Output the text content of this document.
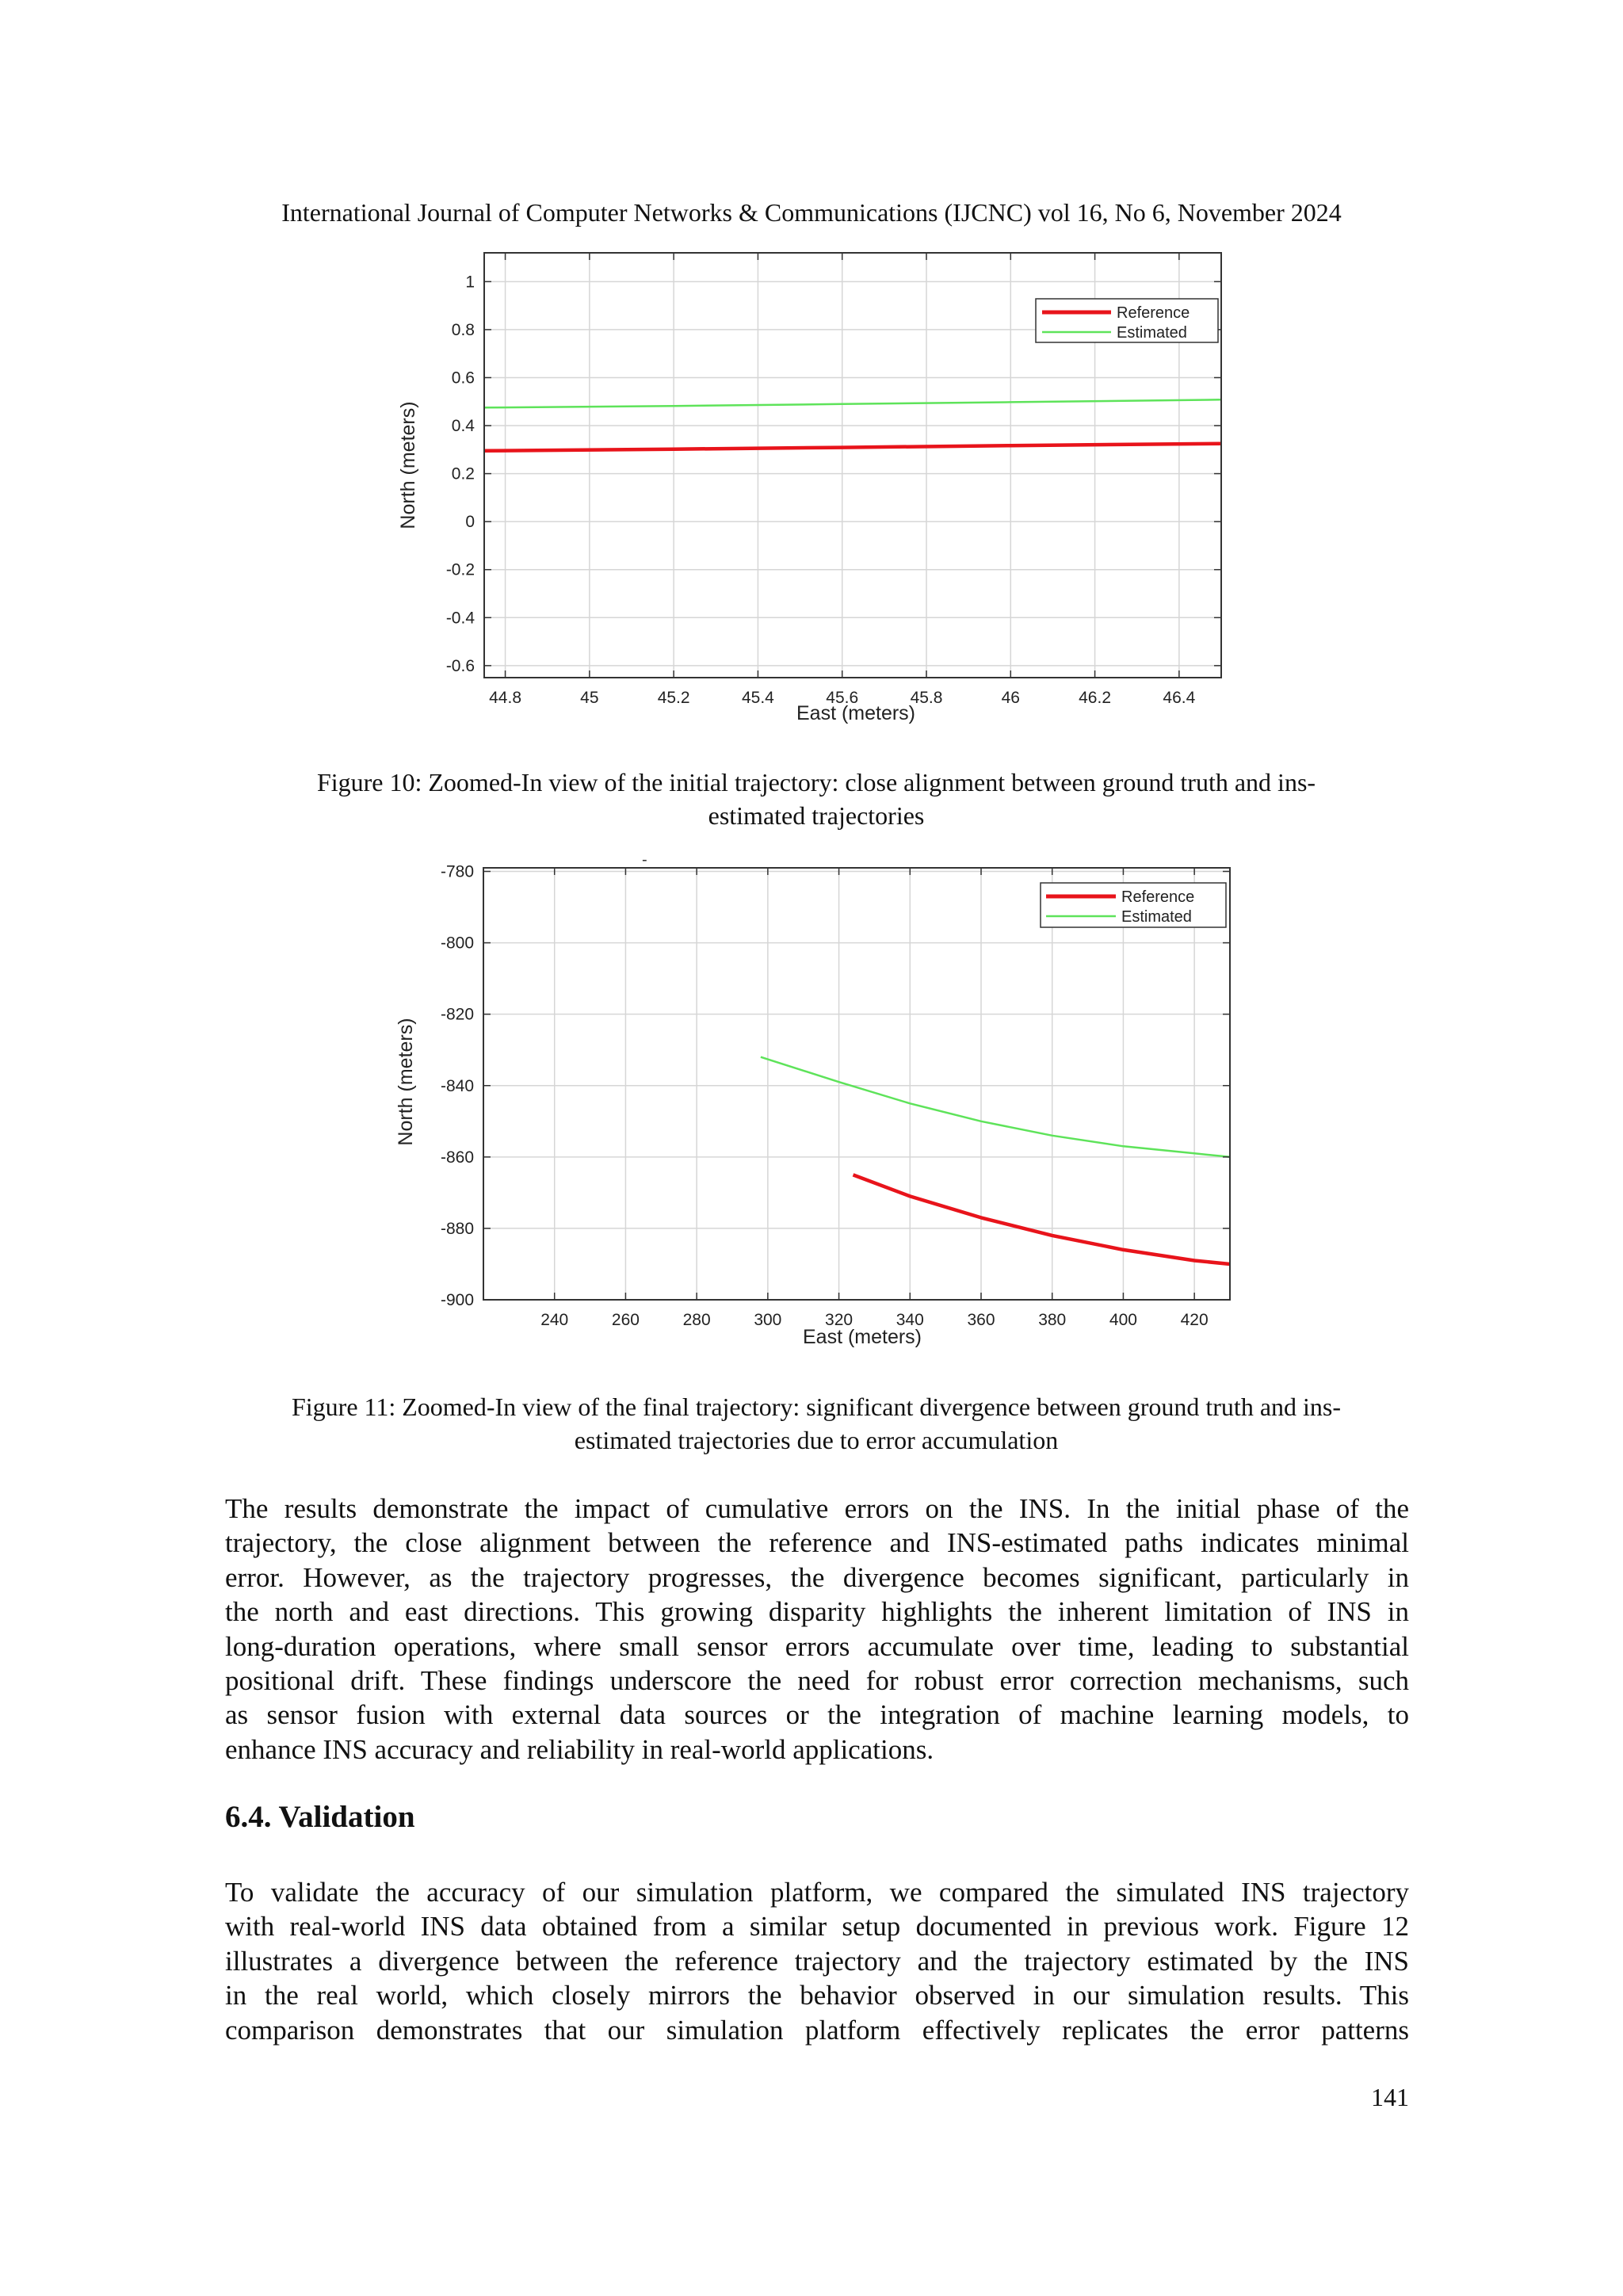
International Journal of Computer Networks & Communications (IJCNC) vol 16, No 6, November 2024
44.8	45	45.2	45.4	45.6	45.8	46	46.2	46.4
1
0.8
0.6
0.4
0.2
0
-0.2
-0.4
-0.6
Reference
Estimated
East (meters)
North (meters)
Figure 10: Zoomed-In view of the initial trajectory: close alignment between ground truth and ins-
estimated trajectories
-
240	260	280	300	320	340	360	380	400	420
-780
-800
-820
-840
-860
-880
-900
Reference
Estimated
East (meters)
North (meters)
Figure 11: Zoomed-In view of the final trajectory: significant divergence between ground truth and ins-
estimated trajectories due to error accumulation
The results demonstrate the impact of cumulative errors on the INS. In the initial phase of the
trajectory, the close alignment between the reference and INS-estimated paths indicates minimal
error. However, as the trajectory progresses, the divergence becomes significant, particularly in
the north and east directions. This growing disparity highlights the inherent limitation of INS in
long-duration operations, where small sensor errors accumulate over time, leading to substantial
positional drift. These findings underscore the need for robust error correction mechanisms, such
as sensor fusion with external data sources or the integration of machine learning models, to
enhance INS accuracy and reliability in real-world applications.
6.4. Validation
To validate the accuracy of our simulation platform, we compared the simulated INS trajectory
with real-world INS data obtained from a similar setup documented in previous work. Figure 12
illustrates a divergence between the reference trajectory and the trajectory estimated by the INS
in the real world, which closely mirrors the behavior observed in our simulation results. This
comparison demonstrates that our simulation platform effectively replicates the error patterns
141
